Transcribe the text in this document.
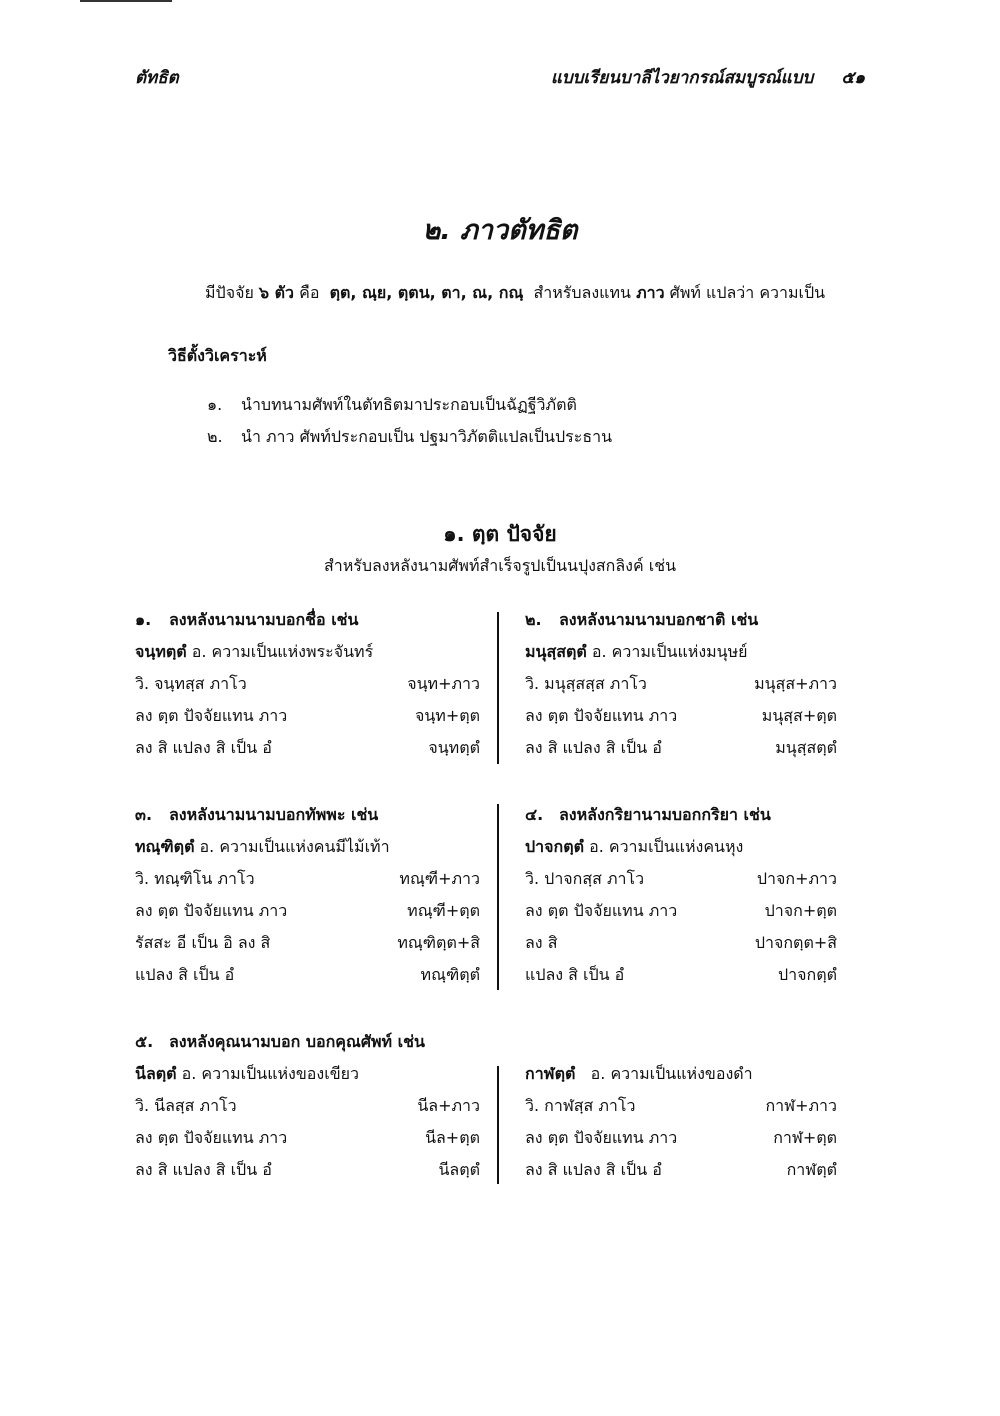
ตัทธิต	แบบเรียนบาลีไวยากรณ์สมบูรณ์แบบ ๕๑
๒. ภาวตัทธิต
มีปัจจัย ๖ ตัว คือ ตฺต, ณฺย, ตฺตน, ตา, ณ, กณฺ สำหรับลงแทน ภาว ศัพท์ แปลว่า ความเป็น
วิธีตั้งวิเคราะห์
๑. นำบทนามศัพท์ในตัทธิตมาประกอบเป็นฉัฏฐีวิภัตติ
๒. นำ ภาว ศัพท์ประกอบเป็น ปฐมาวิภัตติแปลเป็นประธาน
๑. ตฺต ปัจจัย
สำหรับลงหลังนามศัพท์สำเร็จรูปเป็นนปุงสกลิงค์ เช่น
๑. ลงหลังนามนามบอกชื่อ เช่น
จนฺทตฺตํ อ. ความเป็นแห่งพระจันทร์
วิ. จนฺทสฺส ภาโว	จนฺท+ภาว
ลง ตฺต ปัจจัยแทน ภาว	จนฺท+ตฺต
ลง สิ แปลง สิ เป็น อํ	จนฺทตฺตํ
๒. ลงหลังนามนามบอกชาติ เช่น
มนุสฺสตฺตํ อ. ความเป็นแห่งมนุษย์
วิ. มนุสฺสสฺส ภาโว	มนุสฺส+ภาว
ลง ตฺต ปัจจัยแทน ภาว	มนุสฺส+ตฺต
ลง สิ แปลง สิ เป็น อํ	มนุสฺสตฺตํ
๓. ลงหลังนามนามบอกทัพพะ เช่น
ทณฺฑิตฺตํ อ. ความเป็นแห่งคนมีไม้เท้า
วิ. ทณฺฑิโน ภาโว	ทณฺฑี+ภาว
ลง ตฺต ปัจจัยแทน ภาว	ทณฺฑี+ตฺต
รัสสะ อี เป็น อิ ลง สิ	ทณฺฑิตฺต+สิ
แปลง สิ เป็น อํ	ทณฺฑิตฺตํ
๔. ลงหลังกริยานามบอกกริยา เช่น
ปาจกตฺตํ อ. ความเป็นแห่งคนหุง
วิ. ปาจกสฺส ภาโว	ปาจก+ภาว
ลง ตฺต ปัจจัยแทน ภาว	ปาจก+ตฺต
ลง สิ	ปาจกตฺต+สิ
แปลง สิ เป็น อํ	ปาจกตฺตํ
๕. ลงหลังคุณนามบอก บอกคุณศัพท์ เช่น
นีลตฺตํ อ. ความเป็นแห่งของเขียว
วิ. นีลสฺส ภาโว	นีล+ภาว
ลง ตฺต ปัจจัยแทน ภาว	นีล+ตฺต
ลง สิ แปลง สิ เป็น อํ	นีลตฺตํ
กาฬตฺตํ อ. ความเป็นแห่งของดำ
วิ. กาฬสฺส ภาโว	กาฬ+ภาว
ลง ตฺต ปัจจัยแทน ภาว	กาฬ+ตฺต
ลง สิ แปลง สิ เป็น อํ	กาฬตฺตํ
